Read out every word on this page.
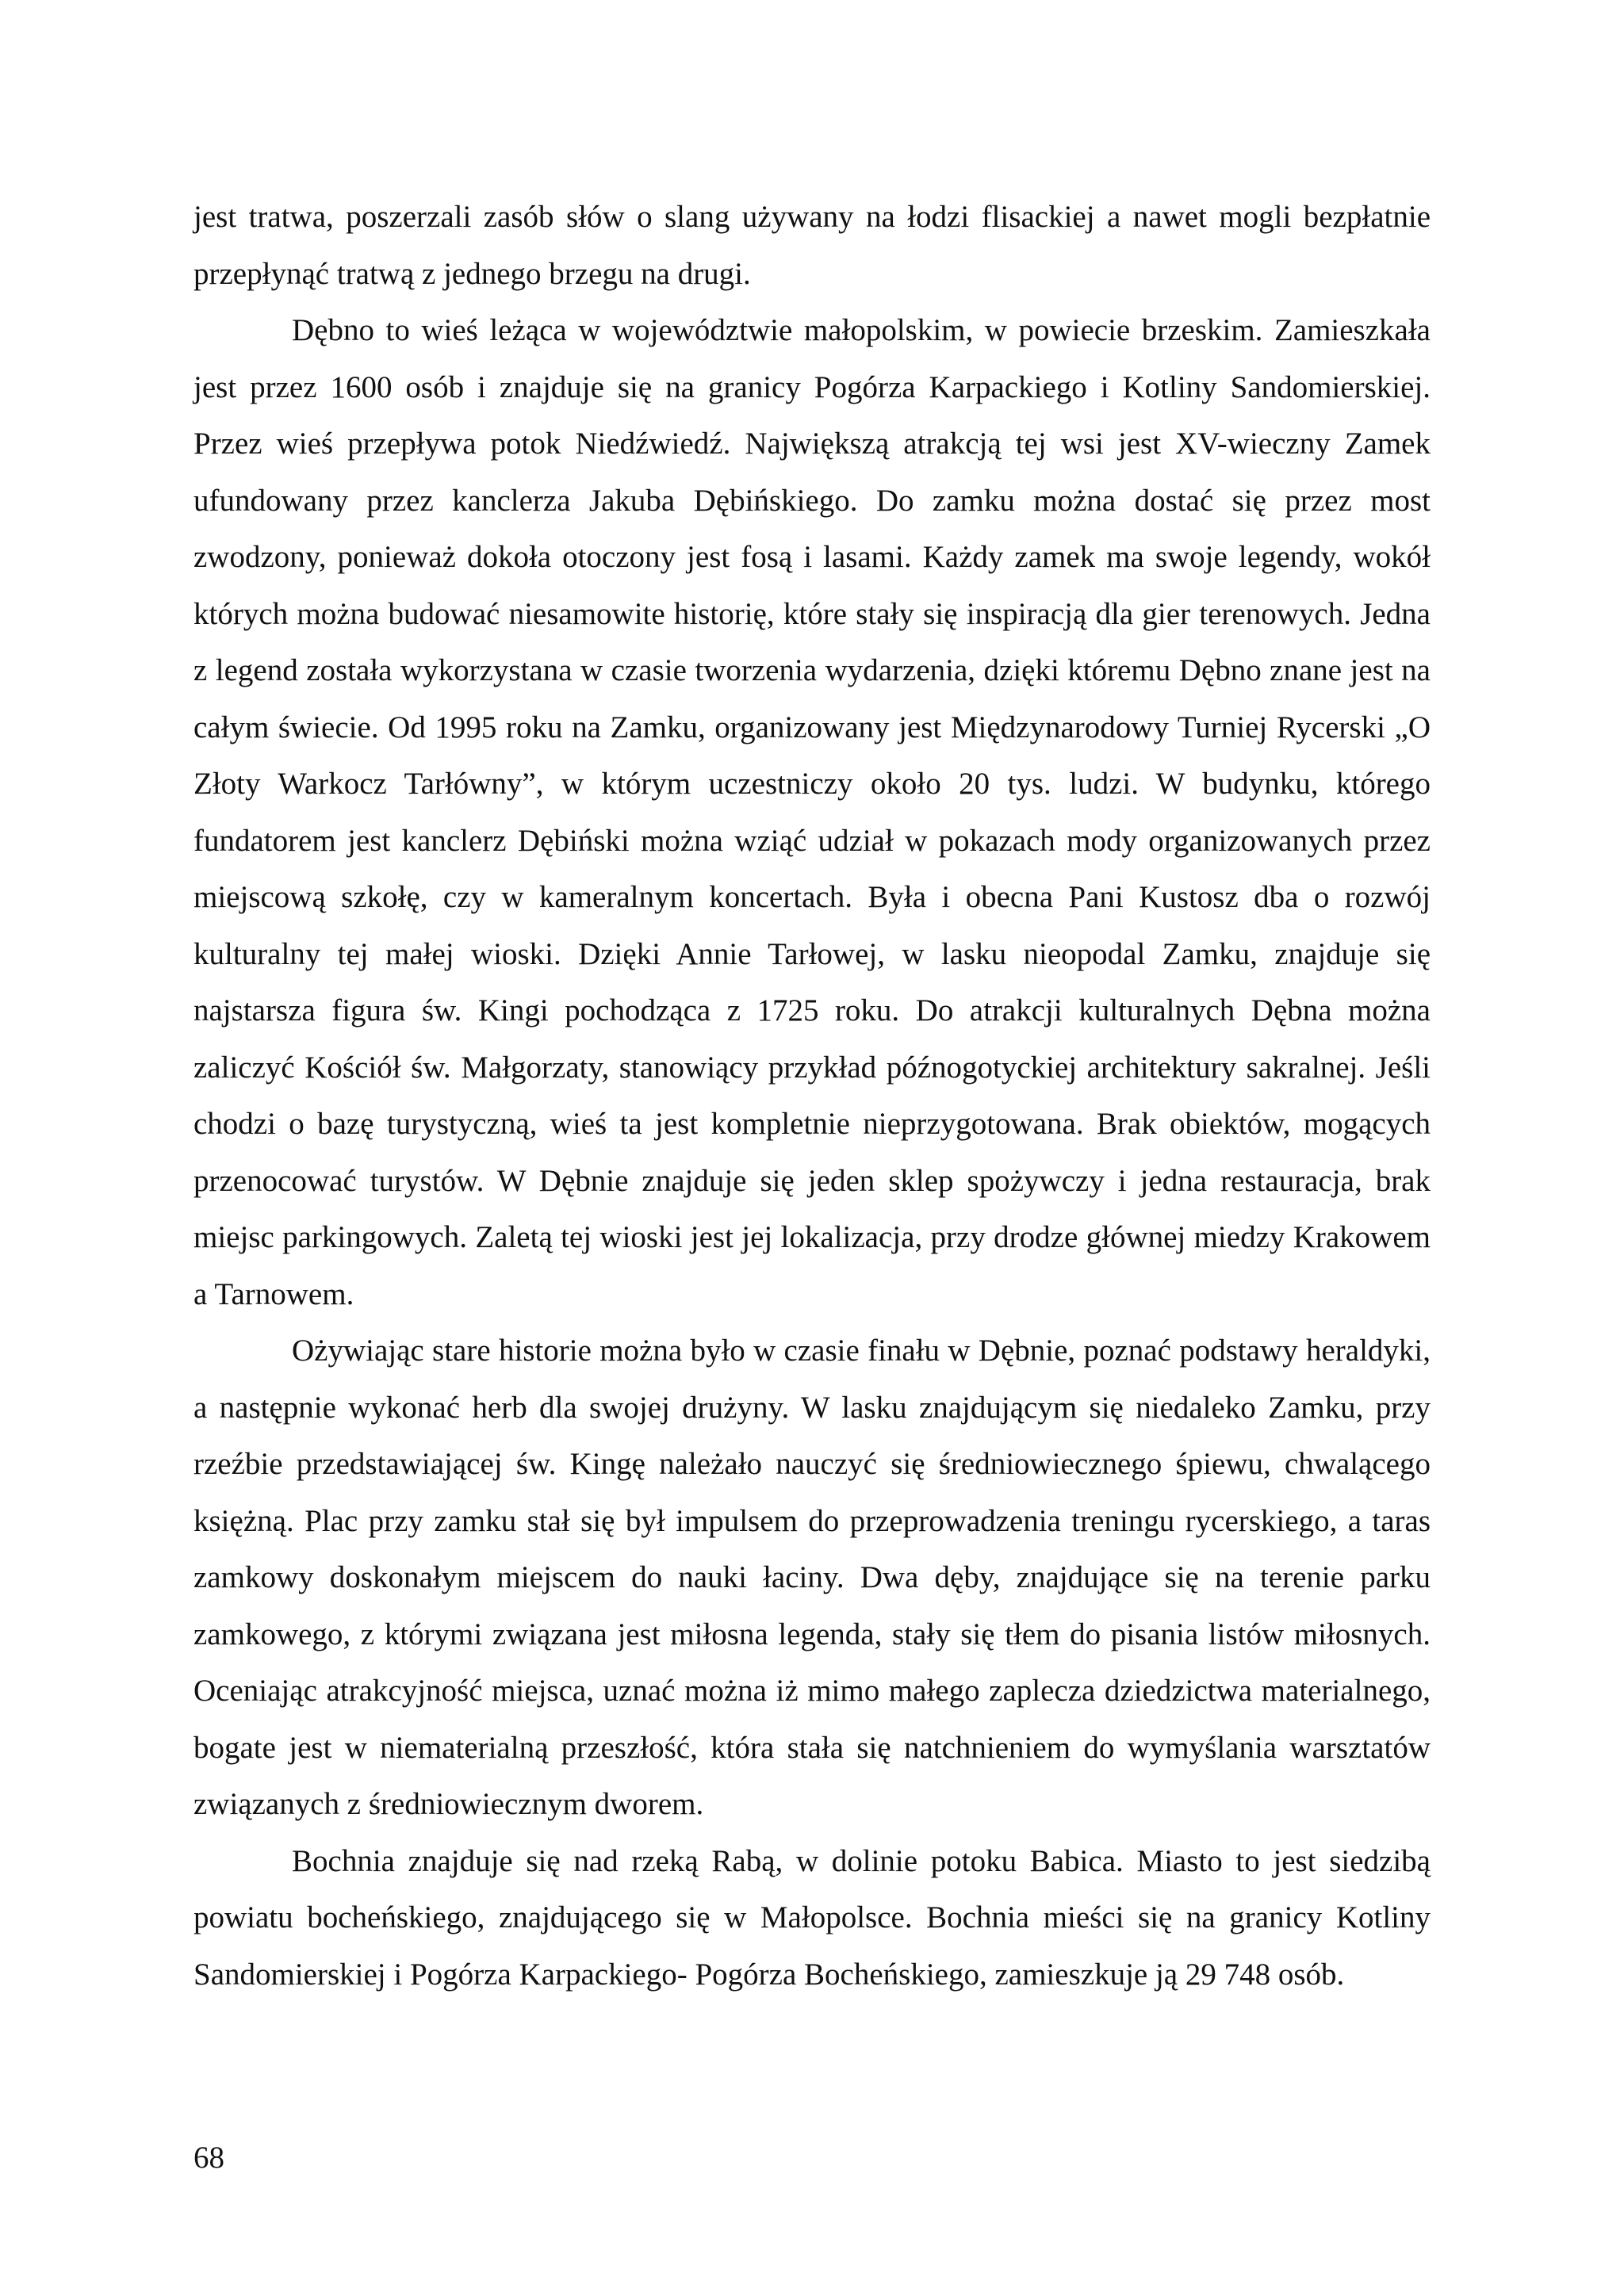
jest tratwa, poszerzali zasób słów o slang używany na łodzi flisackiej a nawet mogli bezpłatnie przepłynąć tratwą z jednego brzegu na drugi.

Dębno to wieś leżąca w województwie małopolskim, w powiecie brzeskim. Zamieszkała jest przez 1600 osób i znajduje się na granicy Pogórza Karpackiego i Kotliny Sandomierskiej. Przez wieś przepływa potok Niedźwiedź. Największą atrakcją tej wsi jest XV-wieczny Zamek ufundowany przez kanclerza Jakuba Dębińskiego. Do zamku można dostać się przez most zwodzony, ponieważ dokoła otoczony jest fosą i lasami. Każdy zamek ma swoje legendy, wokół których można budować niesamowite historię, które stały się inspiracją dla gier terenowych. Jedna z legend została wykorzystana w czasie tworzenia wydarzenia, dzięki któremu Dębno znane jest na całym świecie. Od 1995 roku na Zamku, organizowany jest Międzynarodowy Turniej Rycerski „O Złoty Warkocz Tarłówny”, w którym uczestniczy około 20 tys. ludzi. W budynku, którego fundatorem jest kanclerz Dębiński można wziąć udział w pokazach mody organizowanych przez miejscową szkołę, czy w kameralnym koncertach. Była i obecna Pani Kustosz dba o rozwój kulturalny tej małej wioski. Dzięki Annie Tarłowej, w lasku nieopodal Zamku, znajduje się najstarsza figura św. Kingi pochodząca z 1725 roku. Do atrakcji kulturalnych Dębna można zaliczyć Kościół św. Małgorzaty, stanowiący przykład późnogotyckiej architektury sakralnej. Jeśli chodzi o bazę turystyczną, wieś ta jest kompletnie nieprzygotowana. Brak obiektów, mogących przenocować turystów. W Dębnie znajduje się jeden sklep spożywczy i jedna restauracja, brak miejsc parkingowych. Zaletą tej wioski jest jej lokalizacja, przy drodze głównej miedzy Krakowem a Tarnowem.

Ożywiając stare historie można było w czasie finału w Dębnie, poznać podstawy heraldyki, a następnie wykonać herb dla swojej drużyny. W lasku znajdującym się niedaleko Zamku, przy rzeźbie przedstawiającej św. Kingę należało nauczyć się średniowiecznego śpiewu, chwalącego księżną. Plac przy zamku stał się był impulsem do przeprowadzenia treningu rycerskiego, a taras zamkowy doskonałym miejscem do nauki łaciny. Dwa dęby, znajdujące się na terenie parku zamkowego, z którymi związana jest miłosna legenda, stały się tłem do pisania listów miłosnych. Oceniając atrakcyjność miejsca, uznać można iż mimo małego zaplecza dziedzictwa materialnego, bogate jest w niematerialną przeszłość, która stała się natchnieniem do wymyślania warsztatów związanych z średniowiecznym dworem.

Bochnia znajduje się nad rzeką Rabą, w dolinie potoku Babica. Miasto to jest siedzibą powiatu bocheńskiego, znajdującego się w Małopolsce. Bochnia mieści się na granicy Kotliny Sandomierskiej i Pogórza Karpackiego- Pogórza Bocheńskiego, zamieszkuje ją 29 748 osób.

68
